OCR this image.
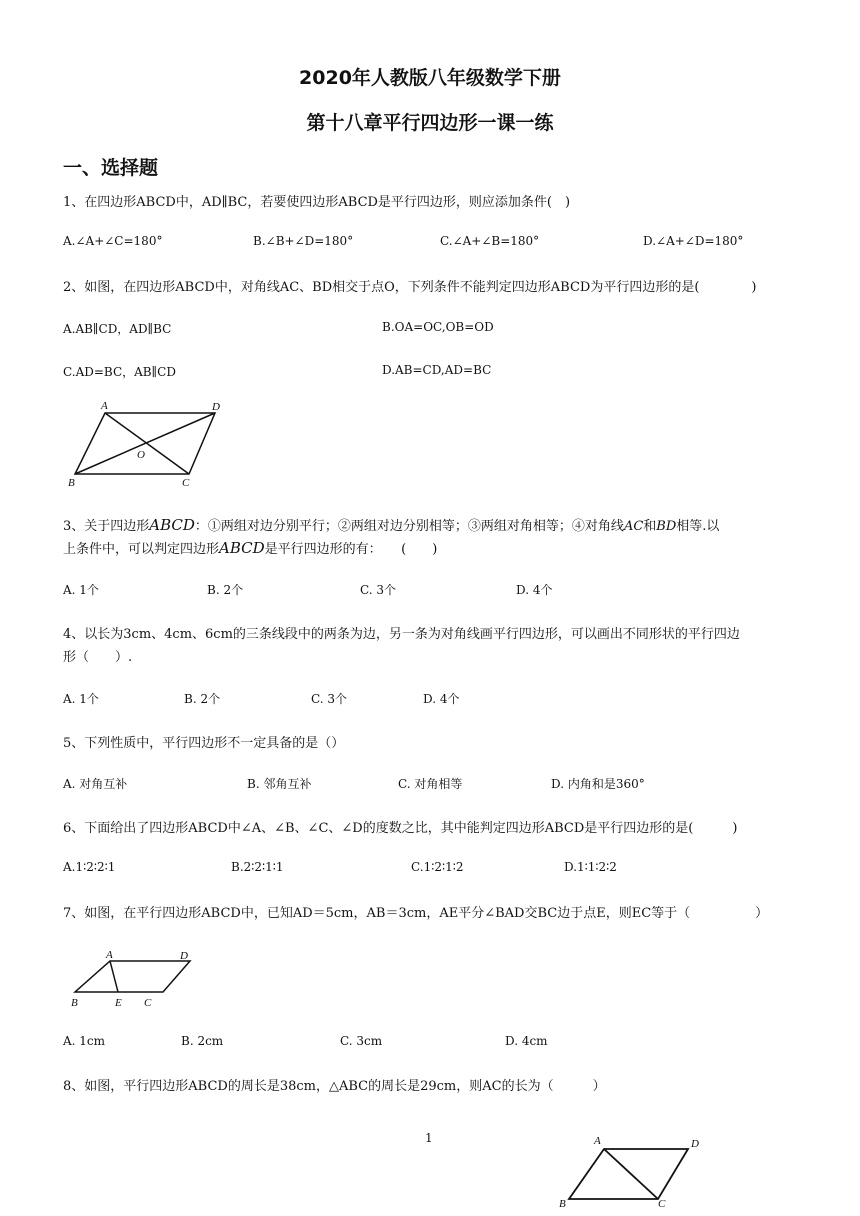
2020年人教版八年级数学下册
第十八章平行四边形一课一练
一、选择题
1、在四边形ABCD中，AD∥BC，若要使四边形ABCD是平行四边形，则应添加条件(　)
A.∠A+∠C=180°	B.∠B+∠D=180°	C.∠A+∠B=180°	D.∠A+∠D=180°
2、如图，在四边形ABCD中，对角线AC、BD相交于点O，下列条件不能判定四边形ABCD为平行四边形的是(　　　　)
A.AB∥CD，AD∥BC	B.OA=OC,OB=OD
C.AD=BC，AB∥CD	D.AB=CD,AD=BC
A	D
O
B	C
3、关于四边形ABCD：①两组对边分别平行；②两组对边分别相等；③两组对角相等；④对角线AC和BD相等.以
上条件中，可以判定四边形ABCD是平行四边形的有：　　(　　)
A. 1个	B. 2个	C. 3个	D. 4个
4、以长为3cm、4cm、6cm的三条线段中的两条为边，另一条为对角线画平行四边形，可以画出不同形状的平行四边
形（　　）.
A. 1个	B. 2个	C. 3个	D. 4个
5、下列性质中，平行四边形不一定具备的是（）
A. 对角互补	B. 邻角互补	C. 对角相等	D. 内角和是360°
6、下面给出了四边形ABCD中∠A、∠B、∠C、∠D的度数之比，其中能判定四边形ABCD是平行四边形的是(　　　)
A.1∶2∶2∶1	B.2∶2∶1∶1	C.1∶2∶1∶2	D.1∶1∶2∶2
7、如图，在平行四边形ABCD中，已知AD＝5cm，AB＝3cm，AE平分∠BAD交BC边于点E，则EC等于（　　　　　）
A	D
B	E C
A. 1cm	B. 2cm	C. 3cm	D. 4cm
8、如图，平行四边形ABCD的周长是38cm，△ABC的周长是29cm，则AC的长为（　　　）
1	A	D
B	C
